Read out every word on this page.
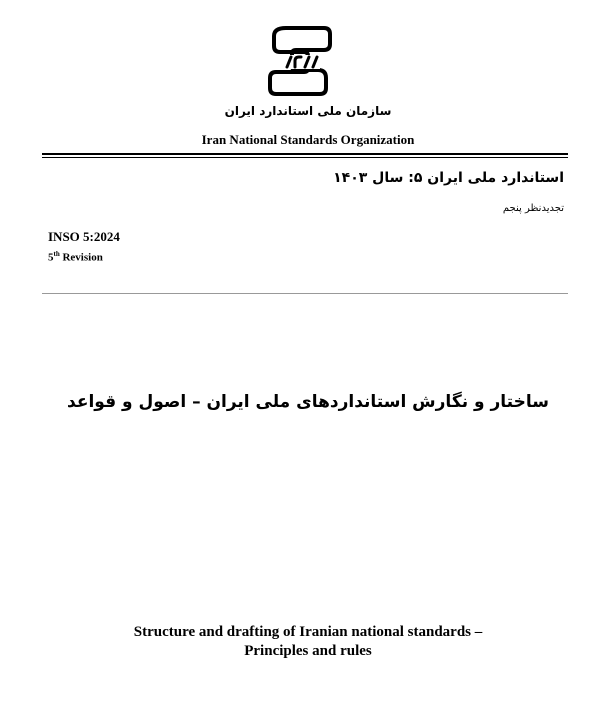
سازمان ملی استاندارد ایران
Iran National Standards Organization
استاندارد ملی ایران ۵: سال ۱۴۰۳
تجدیدنظر پنجم
INSO 5:2024
5th Revision
ساختار و نگارش استانداردهای ملی ایران – اصول و قواعد
Structure and drafting of Iranian national standards –
Principles and rules
